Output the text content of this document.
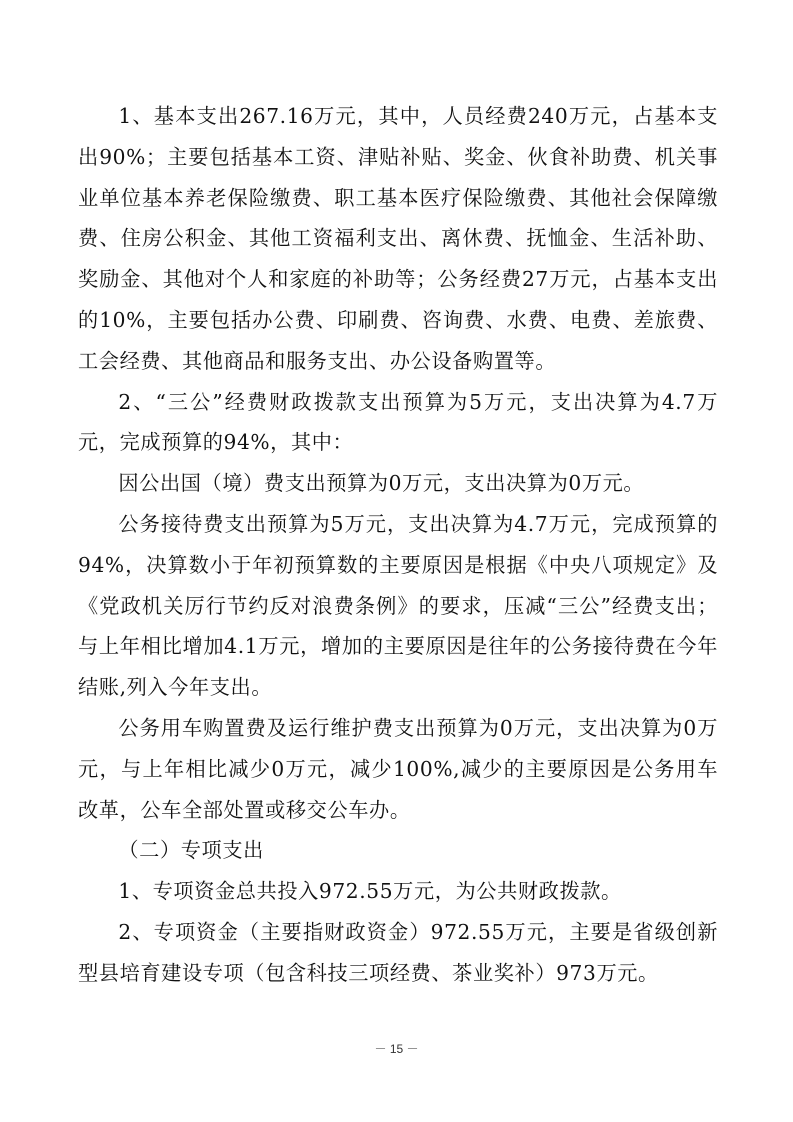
1、基本支出267.16万元，其中，人员经费240万元，占基本支出90%；主要包括基本工资、津贴补贴、奖金、伙食补助费、机关事业单位基本养老保险缴费、职工基本医疗保险缴费、其他社会保障缴费、住房公积金、其他工资福利支出、离休费、抚恤金、生活补助、奖励金、其他对个人和家庭的补助等；公务经费27万元，占基本支出的10%，主要包括办公费、印刷费、咨询费、水费、电费、差旅费、工会经费、其他商品和服务支出、办公设备购置等。

2、“三公”经费财政拨款支出预算为5万元，支出决算为4.7万元，完成预算的94%，其中：

因公出国（境）费支出预算为0万元，支出决算为0万元。

公务接待费支出预算为5万元，支出决算为4.7万元，完成预算的94%，决算数小于年初预算数的主要原因是根据《中央八项规定》及《党政机关厉行节约反对浪费条例》的要求，压减“三公”经费支出；与上年相比增加4.1万元，增加的主要原因是往年的公务接待费在今年结账,列入今年支出。

公务用车购置费及运行维护费支出预算为0万元，支出决算为0万元，与上年相比减少0万元，减少100%,减少的主要原因是公务用车改革，公车全部处置或移交公车办。

（二）专项支出

1、专项资金总共投入972.55万元，为公共财政拨款。

2、专项资金（主要指财政资金）972.55万元，主要是省级创新型县培育建设专项（包含科技三项经费、茶业奖补）973万元。

－ 15 －
